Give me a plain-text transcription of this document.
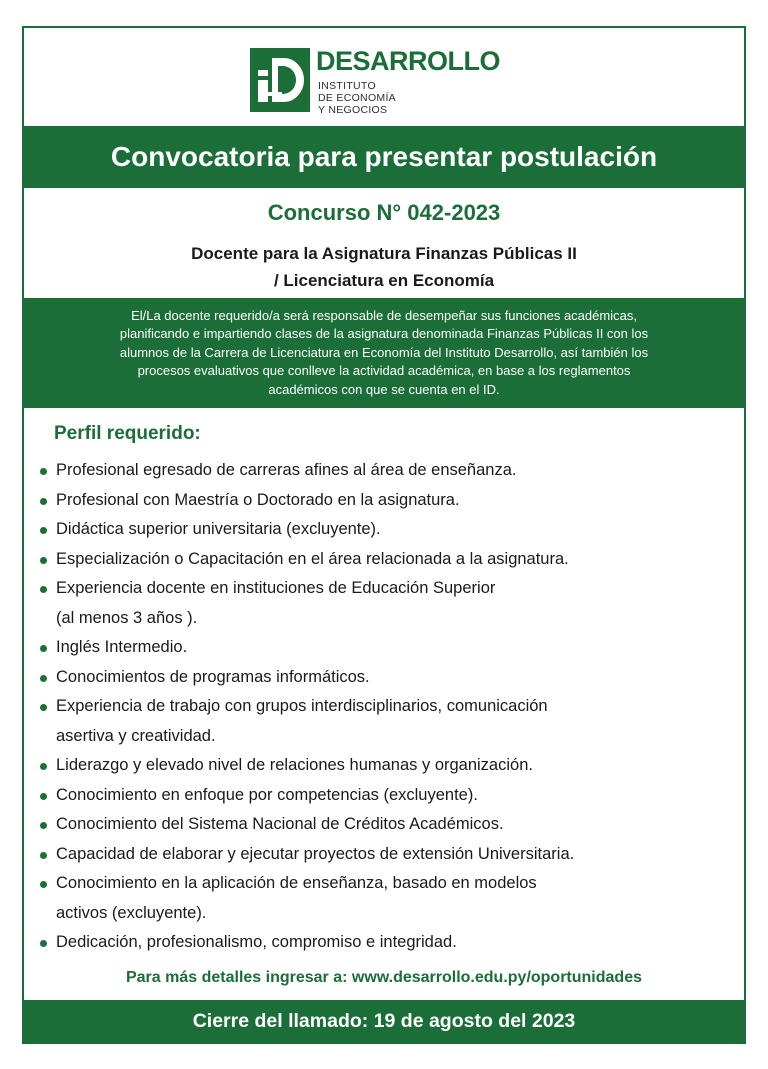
DESARROLLO
INSTITUTO
DE ECONOMÍA
Y NEGOCIOS
Convocatoria para presentar postulación
Concurso N° 042-2023
Docente para la Asignatura Finanzas Públicas II
/ Licenciatura en Economía
El/La docente requerido/a será responsable de desempeñar sus funciones académicas,
planificando e impartiendo clases de la asignatura denominada Finanzas Públicas II con los
alumnos de la Carrera de Licenciatura en Economía del Instituto Desarrollo, así también los
procesos evaluativos que conlleve la actividad académica, en base a los reglamentos
académicos con que se cuenta en el ID.
Perfil requerido:
Profesional egresado de carreras afines al área de enseñanza.
Profesional con Maestría o Doctorado en la asignatura.
Didáctica superior universitaria (excluyente).
Especialización o Capacitación en el área relacionada a la asignatura.
Experiencia docente en instituciones de Educación Superior
(al menos 3 años ).
Inglés Intermedio.
Conocimientos de programas informáticos.
Experiencia de trabajo con grupos interdisciplinarios, comunicación
asertiva y creatividad.
Liderazgo y elevado nivel de relaciones humanas y organización.
Conocimiento en enfoque por competencias (excluyente).
Conocimiento del Sistema Nacional de Créditos Académicos.
Capacidad de elaborar y ejecutar proyectos de extensión Universitaria.
Conocimiento en la aplicación de enseñanza, basado en modelos
activos (excluyente).
Dedicación, profesionalismo, compromiso e integridad.
Para más detalles ingresar a: www.desarrollo.edu.py/oportunidades
Cierre del llamado: 19 de agosto del 2023
